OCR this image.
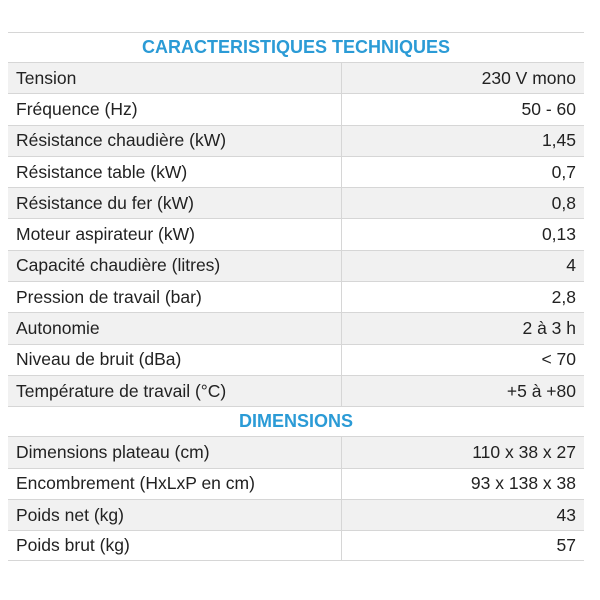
CARACTERISTIQUES TECHNIQUES
Tension	230 V mono
Fréquence (Hz)	50 - 60
Résistance chaudière (kW)	1,45
Résistance table (kW)	0,7
Résistance du fer (kW)	0,8
Moteur aspirateur (kW)	0,13
Capacité chaudière (litres)	4
Pression de travail (bar)	2,8
Autonomie	2 à 3 h
Niveau de bruit (dBa)	< 70
Température de travail (°C)	+5 à +80
DIMENSIONS
Dimensions plateau (cm)	110 x 38 x 27
Encombrement (HxLxP en cm)	93 x 138 x 38
Poids net (kg)	43
Poids brut (kg)	57
